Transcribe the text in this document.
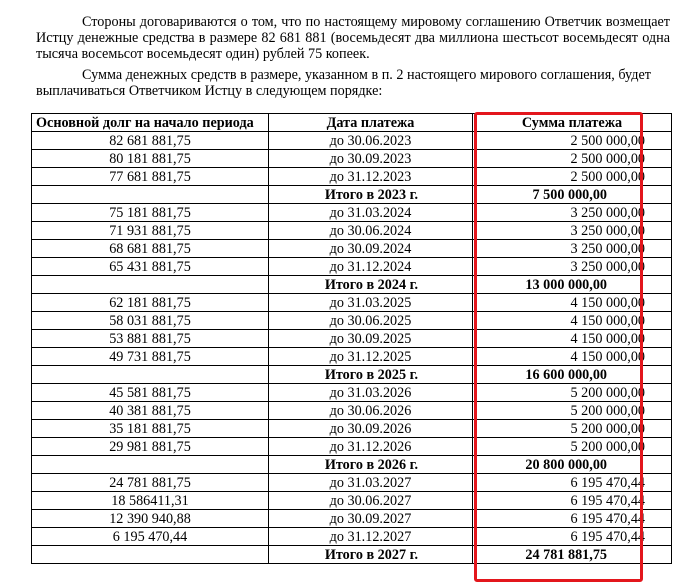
Стороны договариваются о том, что по настоящему мировому соглашению Ответчик возмещает Истцу денежные средства в размере 82 681 881 (восемьдесят два миллиона шестьсот восемьдесят одна тысяча восемьсот восемьдесят один) рублей 75 копеек.

Сумма денежных средств в размере, указанном в п. 2 настоящего мирового соглашения, будет выплачиваться Ответчиком Истцу в следующем порядке:

Основной долг на начало периода	Дата платежа	Сумма платежа
82 681 881,75	до 30.06.2023	2 500 000,00
80 181 881,75	до 30.09.2023	2 500 000,00
77 681 881,75	до 31.12.2023	2 500 000,00
	Итого в 2023 г.	7 500 000,00
75 181 881,75	до 31.03.2024	3 250 000,00
71 931 881,75	до 30.06.2024	3 250 000,00
68 681 881,75	до 30.09.2024	3 250 000,00
65 431 881,75	до 31.12.2024	3 250 000,00
	Итого в 2024 г.	13 000 000,00
62 181 881,75	до 31.03.2025	4 150 000,00
58 031 881,75	до 30.06.2025	4 150 000,00
53 881 881,75	до 30.09.2025	4 150 000,00
49 731 881,75	до 31.12.2025	4 150 000,00
	Итого в 2025 г.	16 600 000,00
45 581 881,75	до 31.03.2026	5 200 000,00
40 381 881,75	до 30.06.2026	5 200 000,00
35 181 881,75	до 30.09.2026	5 200 000,00
29 981 881,75	до 31.12.2026	5 200 000,00
	Итого в 2026 г.	20 800 000,00
24 781 881,75	до 31.03.2027	6 195 470,44
18 586411,31	до 30.06.2027	6 195 470,44
12 390 940,88	до 30.09.2027	6 195 470,44
6 195 470,44	до 31.12.2027	6 195 470,44
	Итого в 2027 г.	24 781 881,75
